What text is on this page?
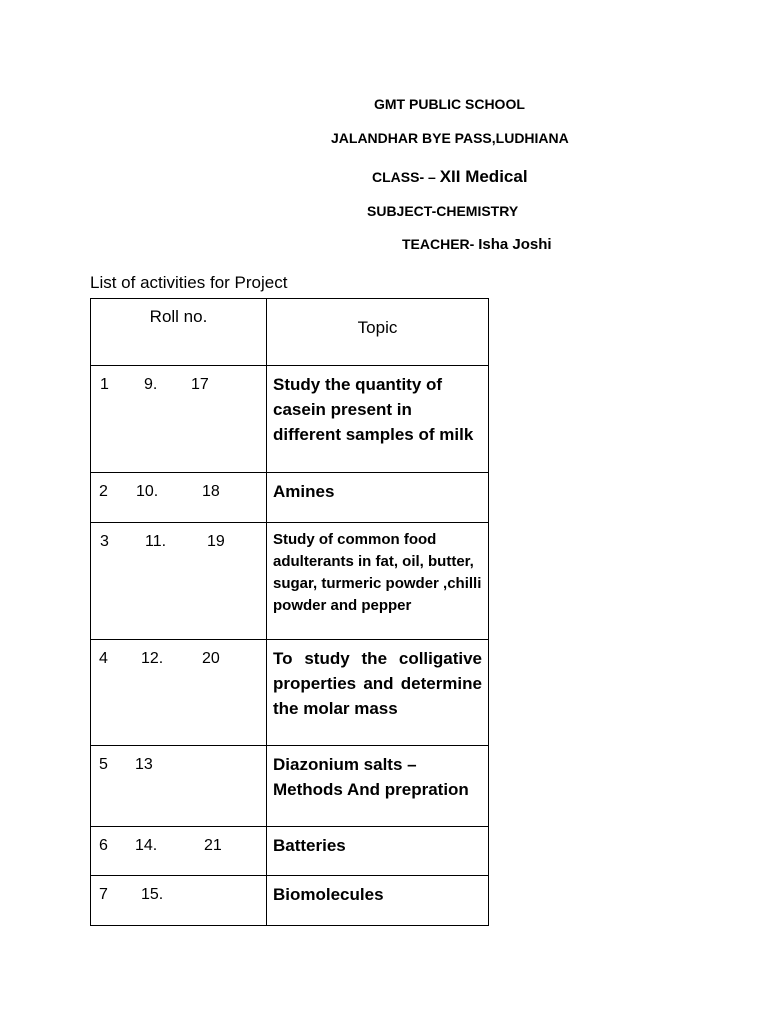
GMT PUBLIC SCHOOL
JALANDHAR BYE PASS,LUDHIANA
CLASS- – XII Medical
SUBJECT-CHEMISTRY
TEACHER- Isha Joshi
List of activities for Project
Roll no.	Topic

1 9. 17	Study the quantity of casein present in different samples of milk

2 10. 18	Amines

3 11. 19	Study of common food adulterants in fat, oil, butter, sugar, turmeric powder ,chilli powder and pepper

4 12. 20	To study the colligative properties and determine the molar mass

5 13	Diazonium salts – Methods And prepration

6 14. 21	Batteries

7 15.	Biomolecules
